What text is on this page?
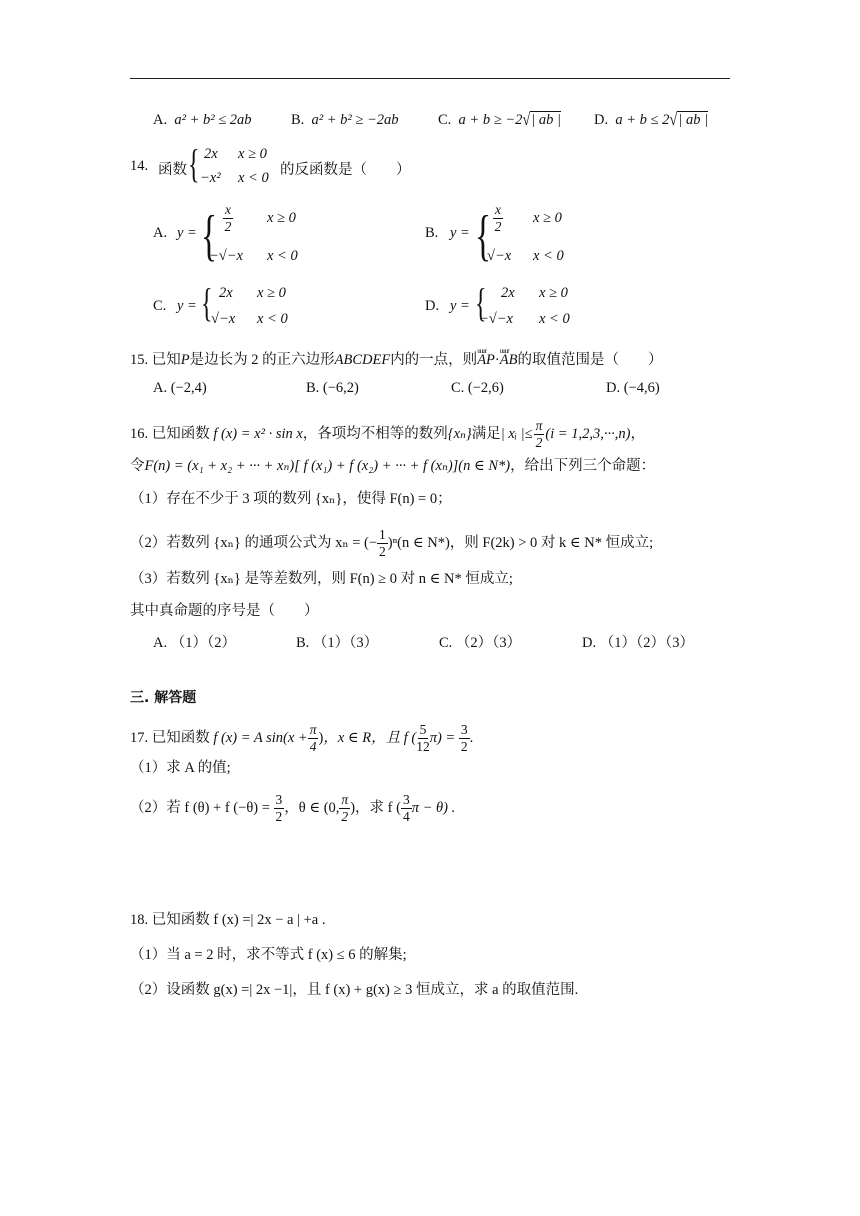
A. a² + b² ≤ 2ab	B. a² + b² ≥ −2ab	C. a + b ≥ −2√| ab | D. a + b ≤ 2√| ab |
14. 函数 { 2x x ≥ 0
−x² x < 0 的反函数是（　　）
A. y = { $\frac{x}{2}$ x ≥ 0
−√−x x < 0
B. y = { $\frac{x}{2}$ x ≥ 0
√−x x < 0
C. y = { 2x x ≥ 0
√−x x < 0
D. y = { 2x x ≥ 0
−√−x x < 0
15. 已知P是边长为 2 的正六边形ABCDEF内的一点，则uuur AP·uuur AB的取值范围是（　　）
A. (−2,4)	B. (−6,2)	C. (−2,6)	D. (−4,6)
16. 已知函数 f (x) = x² · sin x，各项均不相等的数列{xₙ}满足| xᵢ |≤ $\frac{\pi}{2} (i = 1,2,3,\cdot\cdot\cdot,n)$，
令F(n) = (x₁ + x₂ + ··· + xₙ)[ f (x₁) + f (x₂) + ··· + f (xₙ)](n ∈ N*)，给出下列三个命题：
（1）存在不少于 3 项的数列 {xₙ}，使得 F(n) = 0；
（2）若数列 {xₙ} 的通项公式为 xₙ = (− $\frac{1}{2} )^n(n$ ∈ N*)，则 F(2k) > 0 对 k ∈ N* 恒成立;
（3）若数列 {xₙ} 是等差数列，则 F(n) ≥ 0 对 n ∈ N* 恒成立;
其中真命题的序号是（　　）
A. （1）（2）	B. （1）（3）	C. （2）（3）	D. （1）（2）（3）
三. 解答题
17. 已知函数 f (x) = A $\sin(x + \frac{\pi}{4}$ )，x ∈ R，且 f ( $\frac{5}{12} \pi) = \frac{3}{2}$ .
（1）求 A 的值;
（2）若 f (θ) + f $(-\theta) = \frac{3}{2}$ ，θ ∈ (0, $\frac{\pi}{2}$ )，求 f ( $\frac{3}{4}$ π − θ) .
18. 已知函数 f (x) =| 2x − a | +a .
（1）当 a = 2 时，求不等式 f (x) ≤ 6 的解集;
（2）设函数 g(x) =| 2x −1|，且 f (x) + g(x) ≥ 3 恒成立，求 a 的取值范围.
